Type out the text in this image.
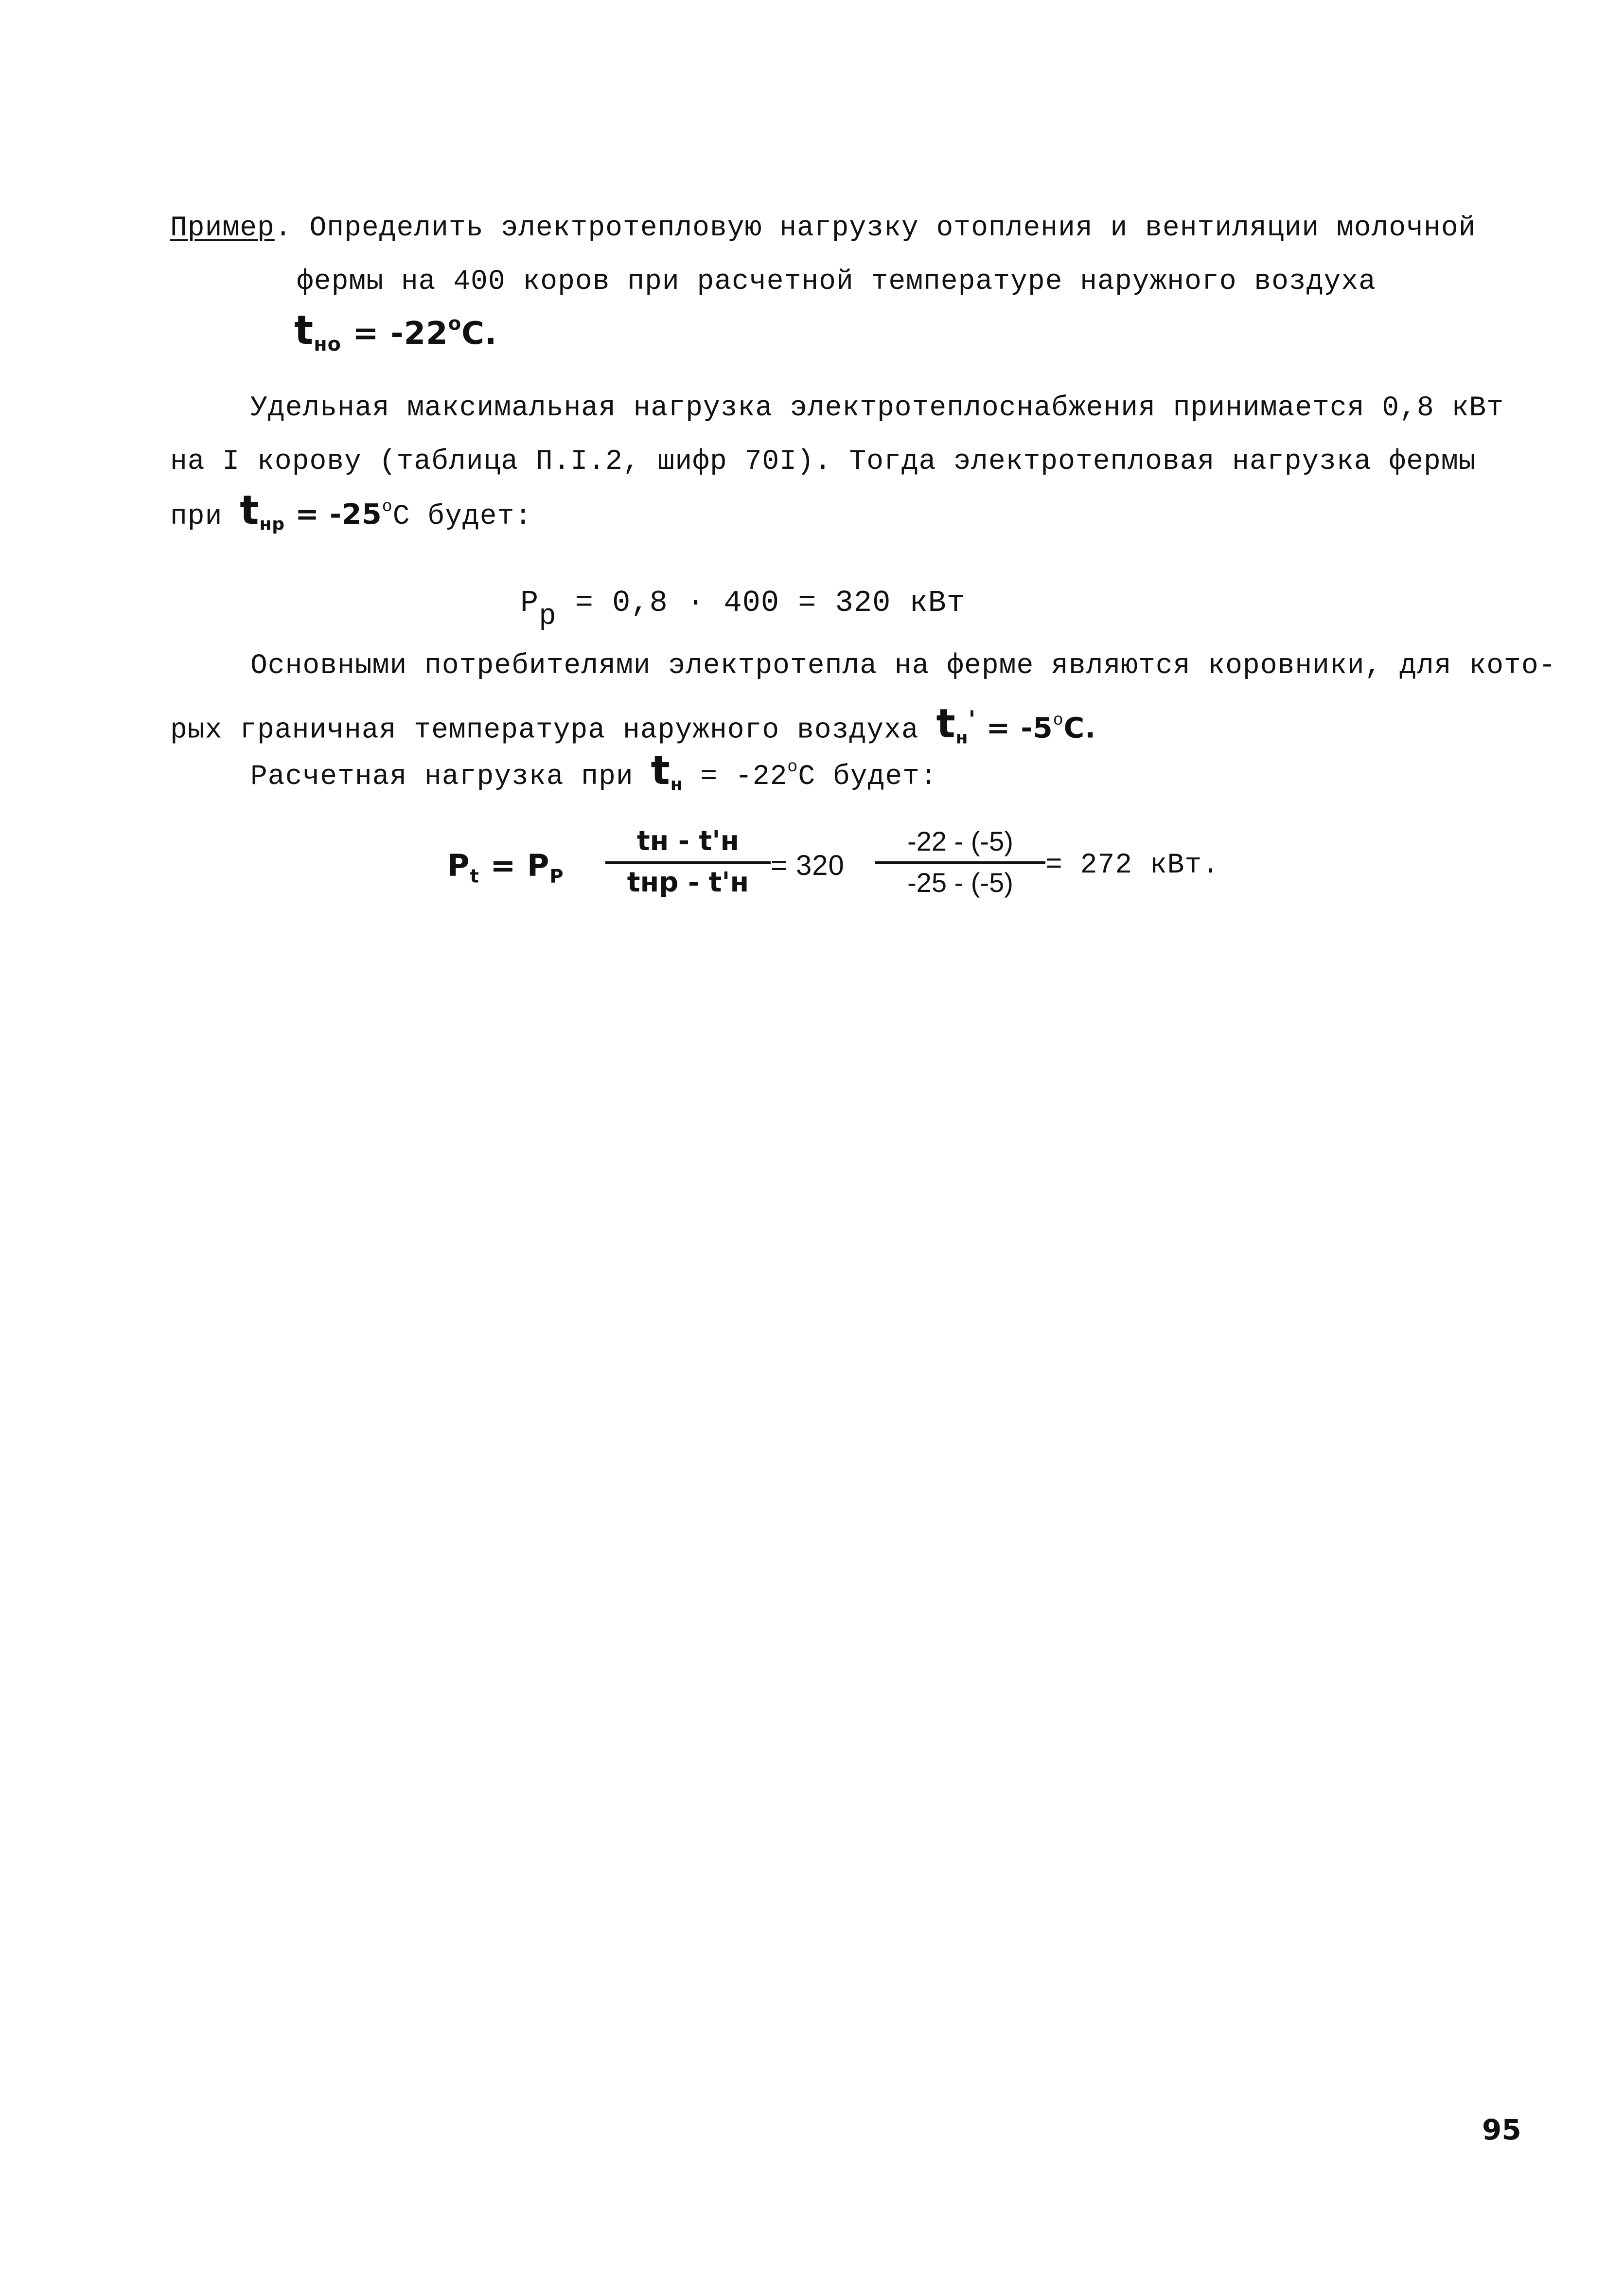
Пример. Определить электротепловую нагрузку отопления и вентиляции молочной
фермы на 400 коров при расчетной температуре наружного воздуха
$t_{но} = -22^оC$.
Удельная максимальная нагрузка электротеплоснабжения принимается 0,8 кВт
на I корову (таблица П.I.2, шифр 70I). Тогда электротепловая нагрузка фермы
при $t_{нр} = -25^оC$ будет:
Pp = 0,8 · 400 = 320 кВт
Основными потребителями электротепла на ферме являются коровники, для кото-
рых граничная температура наружного воздуха $t_н' = -5^оC$.
Расчетная нагрузка при $t_н = -22^оC$ будет:
$P_t = P_P$
tн - t'н
tнр - t'н
= 320
-22 - (-5)
-25 - (-5)
= 272 кВт.
95
